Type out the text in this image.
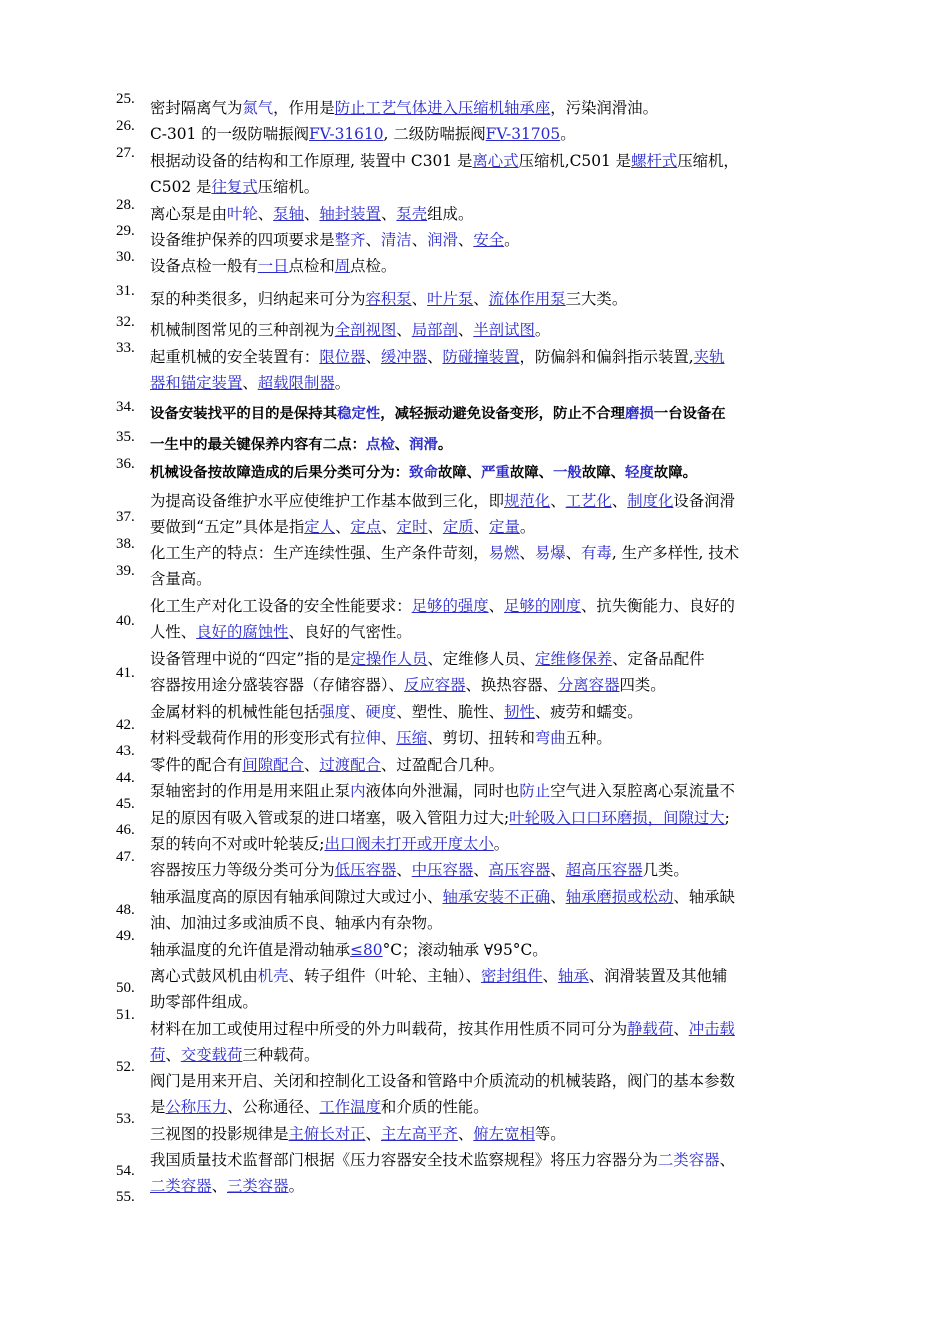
25.
26.
27.
28.
29.
30.
31.
32.
33.
34.
35.
36.
37.
38.
39.
40.
41.
42.
43.
44.
45.
46.
47.
48.
49.
50.
51.
52.
53.
54.
55.
密封隔离气为氮气，作用是防止工艺气体进入压缩机轴承座，污染润滑油。
C-301 的一级防喘振阀FV-31610, 二级防喘振阀FV-31705。
根据动设备的结构和工作原理, 装置中 C301 是离心式压缩机,C501 是螺杆式压缩机，
C502 是往复式压缩机。
离心泵是由叶轮、泵轴、轴封装置、泵壳组成。
设备维护保养的四项要求是整齐、清洁、润滑、安全。
设备点检一般有一日点检和周点检。
泵的种类很多，归纳起来可分为容积泵、叶片泵、流体作用泵三大类。
机械制图常见的三种剖视为全剖视图、局部剖、半剖试图。
起重机械的安全装置有：限位器、缓冲器、防碰撞装置，防偏斜和偏斜指示装置,夹轨
器和锚定装置、超载限制器。
设备安装找平的目的是保持其稳定性，减轻振动避免设备变形，防止不合理磨损一台设备在
一生中的最关键保养内容有二点：点检、润滑。
机械设备按故障造成的后果分类可分为：致命故障、严重故障、一般故障、轻度故障。
为提高设备维护水平应使维护工作基本做到三化，即规范化、工艺化、制度化设备润滑
要做到“五定”具体是指定人、定点、定时、定质、定量。
化工生产的特点：生产连续性强、生产条件苛刻，易燃、易爆、有毒, 生产多样性, 技术
含量高。
化工生产对化工设备的安全性能要求：足够的强度、足够的刚度、抗失衡能力、良好的
人性、良好的腐蚀性、良好的气密性。
设备管理中说的“四定”指的是定操作人员、定维修人员、定维修保养、定备品配件
容器按用途分盛装容器（存储容器）、反应容器、换热容器、分离容器四类。
金属材料的机械性能包括强度、硬度、塑性、脆性、韧性、疲劳和蠕变。
材料受载荷作用的形变形式有拉伸、压缩、剪切、扭转和弯曲五种。
零件的配合有间隙配合、过渡配合、过盈配合几种。
泵轴密封的作用是用来阻止泵内液体向外泄漏，同时也防止空气进入泵腔离心泵流量不
足的原因有吸入管或泵的进口堵塞，吸入管阻力过大;叶轮吸入口口环磨损，间隙过大;
泵的转向不对或叶轮装反;出口阀未打开或开度太小。
容器按压力等级分类可分为低压容器、中压容器、高压容器、超高压容器几类。
轴承温度高的原因有轴承间隙过大或过小、轴承安装不正确、轴承磨损或松动、轴承缺
油、加油过多或油质不良、轴承内有杂物。
轴承温度的允许值是滑动轴承≤80°C；滚动轴承 ∀95°C。
离心式鼓风机由机壳、转子组件（叶轮、主轴）、密封组件、轴承、润滑装置及其他辅
助零部件组成。
材料在加工或使用过程中所受的外力叫载荷，按其作用性质不同可分为静载荷、冲击载
荷、交变载荷三种载荷。
阀门是用来开启、关闭和控制化工设备和管路中介质流动的机械装路，阀门的基本参数
是公称压力、公称通径、工作温度和介质的性能。
三视图的投影规律是主俯长对正、主左高平齐、俯左宽相等。
我国质量技术监督部门根据《压力容器安全技术监察规程》将压力容器分为二类容器、
二类容器、三类容器。
